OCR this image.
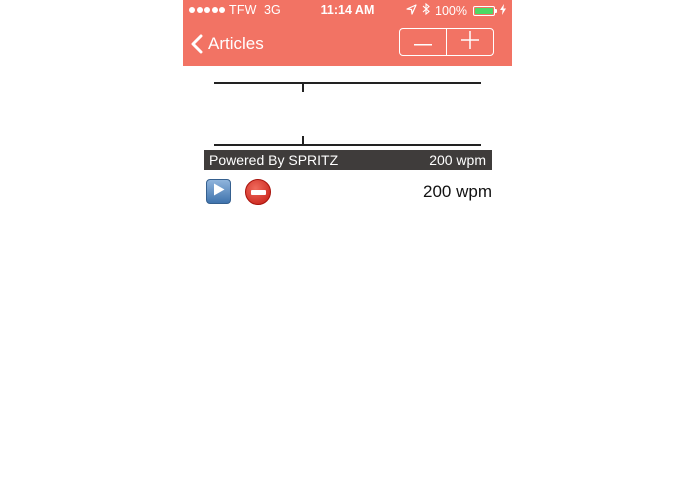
TFW 3G	11:14 AM	100%
Articles
Powered By SPRITZ	200 wpm
200 wpm
